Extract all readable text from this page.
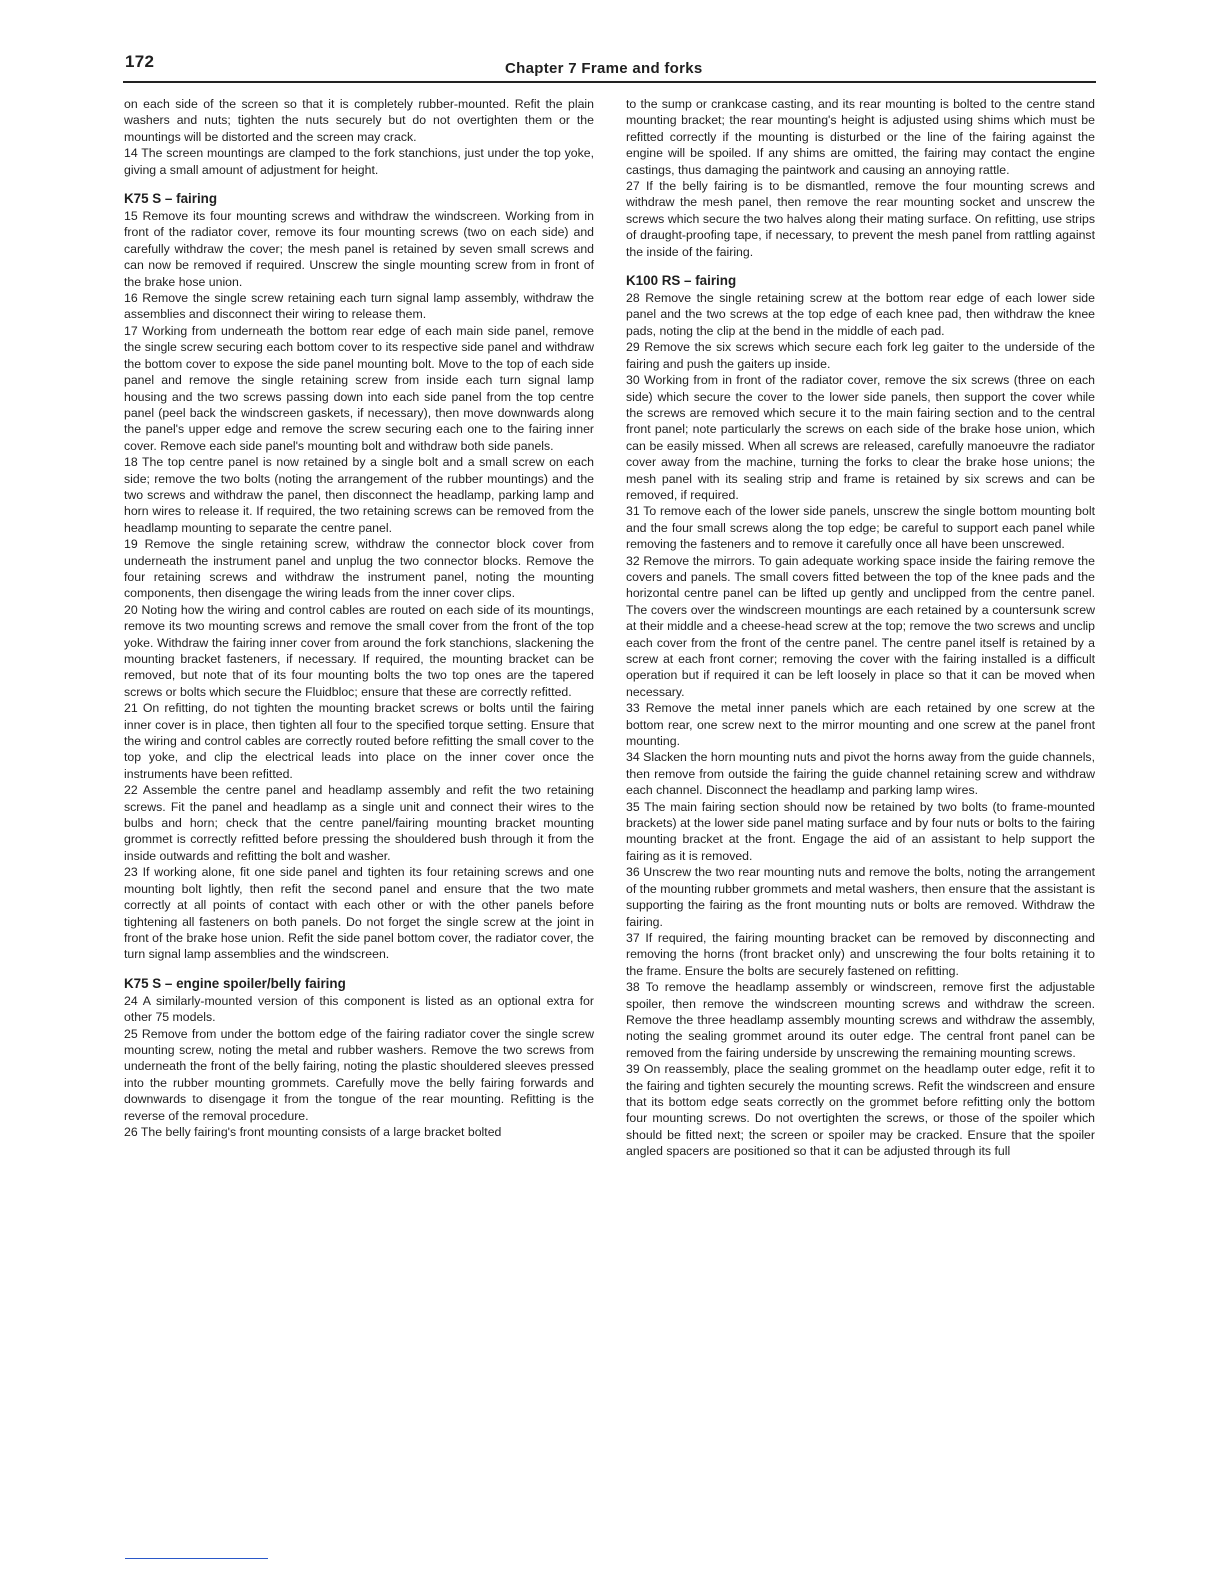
172	Chapter 7 Frame and forks

on each side of the screen so that it is completely rubber-mounted. Refit the plain washers and nuts; tighten the nuts securely but do not overtighten them or the mountings will be distorted and the screen may crack.

14 The screen mountings are clamped to the fork stanchions, just under the top yoke, giving a small amount of adjustment for height.

K75 S – fairing

15 Remove its four mounting screws and withdraw the windscreen. Working from in front of the radiator cover, remove its four mounting screws (two on each side) and carefully withdraw the cover; the mesh panel is retained by seven small screws and can now be removed if required. Unscrew the single mounting screw from in front of the brake hose union.

16 Remove the single screw retaining each turn signal lamp assembly, withdraw the assemblies and disconnect their wiring to release them.

17 Working from underneath the bottom rear edge of each main side panel, remove the single screw securing each bottom cover to its respective side panel and withdraw the bottom cover to expose the side panel mounting bolt. Move to the top of each side panel and remove the single retaining screw from inside each turn signal lamp housing and the two screws passing down into each side panel from the top centre panel (peel back the windscreen gaskets, if necessary), then move downwards along the panel's upper edge and remove the screw securing each one to the fairing inner cover. Remove each side panel's mounting bolt and withdraw both side panels.

18 The top centre panel is now retained by a single bolt and a small screw on each side; remove the two bolts (noting the arrangement of the rubber mountings) and the two screws and withdraw the panel, then disconnect the headlamp, parking lamp and horn wires to release it. If required, the two retaining screws can be removed from the headlamp mounting to separate the centre panel.

19 Remove the single retaining screw, withdraw the connector block cover from underneath the instrument panel and unplug the two connector blocks. Remove the four retaining screws and withdraw the instrument panel, noting the mounting components, then disengage the wiring leads from the inner cover clips.

20 Noting how the wiring and control cables are routed on each side of its mountings, remove its two mounting screws and remove the small cover from the front of the top yoke. Withdraw the fairing inner cover from around the fork stanchions, slackening the mounting bracket fasteners, if necessary. If required, the mounting bracket can be removed, but note that of its four mounting bolts the two top ones are the tapered screws or bolts which secure the Fluidbloc; ensure that these are correctly refitted.

21 On refitting, do not tighten the mounting bracket screws or bolts until the fairing inner cover is in place, then tighten all four to the specified torque setting. Ensure that the wiring and control cables are correctly routed before refitting the small cover to the top yoke, and clip the electrical leads into place on the inner cover once the instruments have been refitted.

22 Assemble the centre panel and headlamp assembly and refit the two retaining screws. Fit the panel and headlamp as a single unit and connect their wires to the bulbs and horn; check that the centre panel/fairing mounting bracket mounting grommet is correctly refitted before pressing the shouldered bush through it from the inside outwards and refitting the bolt and washer.

23 If working alone, fit one side panel and tighten its four retaining screws and one mounting bolt lightly, then refit the second panel and ensure that the two mate correctly at all points of contact with each other or with the other panels before tightening all fasteners on both panels. Do not forget the single screw at the joint in front of the brake hose union. Refit the side panel bottom cover, the radiator cover, the turn signal lamp assemblies and the windscreen.

K75 S – engine spoiler/belly fairing

24 A similarly-mounted version of this component is listed as an optional extra for other 75 models.

25 Remove from under the bottom edge of the fairing radiator cover the single screw mounting screw, noting the metal and rubber washers. Remove the two screws from underneath the front of the belly fairing, noting the plastic shouldered sleeves pressed into the rubber mounting grommets. Carefully move the belly fairing forwards and downwards to disengage it from the tongue of the rear mounting. Refitting is the reverse of the removal procedure.

26 The belly fairing's front mounting consists of a large bracket bolted

to the sump or crankcase casting, and its rear mounting is bolted to the centre stand mounting bracket; the rear mounting's height is adjusted using shims which must be refitted correctly if the mounting is disturbed or the line of the fairing against the engine will be spoiled. If any shims are omitted, the fairing may contact the engine castings, thus damaging the paintwork and causing an annoying rattle.

27 If the belly fairing is to be dismantled, remove the four mounting screws and withdraw the mesh panel, then remove the rear mounting socket and unscrew the screws which secure the two halves along their mating surface. On refitting, use strips of draught-proofing tape, if necessary, to prevent the mesh panel from rattling against the inside of the fairing.

K100 RS – fairing

28 Remove the single retaining screw at the bottom rear edge of each lower side panel and the two screws at the top edge of each knee pad, then withdraw the knee pads, noting the clip at the bend in the middle of each pad.

29 Remove the six screws which secure each fork leg gaiter to the underside of the fairing and push the gaiters up inside.

30 Working from in front of the radiator cover, remove the six screws (three on each side) which secure the cover to the lower side panels, then support the cover while the screws are removed which secure it to the main fairing section and to the central front panel; note particularly the screws on each side of the brake hose union, which can be easily missed. When all screws are released, carefully manoeuvre the radiator cover away from the machine, turning the forks to clear the brake hose unions; the mesh panel with its sealing strip and frame is retained by six screws and can be removed, if required.

31 To remove each of the lower side panels, unscrew the single bottom mounting bolt and the four small screws along the top edge; be careful to support each panel while removing the fasteners and to remove it carefully once all have been unscrewed.

32 Remove the mirrors. To gain adequate working space inside the fairing remove the covers and panels. The small covers fitted between the top of the knee pads and the horizontal centre panel can be lifted up gently and unclipped from the centre panel. The covers over the windscreen mountings are each retained by a countersunk screw at their middle and a cheese-head screw at the top; remove the two screws and unclip each cover from the front of the centre panel. The centre panel itself is retained by a screw at each front corner; removing the cover with the fairing installed is a difficult operation but if required it can be left loosely in place so that it can be moved when necessary.

33 Remove the metal inner panels which are each retained by one screw at the bottom rear, one screw next to the mirror mounting and one screw at the panel front mounting.

34 Slacken the horn mounting nuts and pivot the horns away from the guide channels, then remove from outside the fairing the guide channel retaining screw and withdraw each channel. Disconnect the headlamp and parking lamp wires.

35 The main fairing section should now be retained by two bolts (to frame-mounted brackets) at the lower side panel mating surface and by four nuts or bolts to the fairing mounting bracket at the front. Engage the aid of an assistant to help support the fairing as it is removed.

36 Unscrew the two rear mounting nuts and remove the bolts, noting the arrangement of the mounting rubber grommets and metal washers, then ensure that the assistant is supporting the fairing as the front mounting nuts or bolts are removed. Withdraw the fairing.

37 If required, the fairing mounting bracket can be removed by disconnecting and removing the horns (front bracket only) and unscrewing the four bolts retaining it to the frame. Ensure the bolts are securely fastened on refitting.

38 To remove the headlamp assembly or windscreen, remove first the adjustable spoiler, then remove the windscreen mounting screws and withdraw the screen. Remove the three headlamp assembly mounting screws and withdraw the assembly, noting the sealing grommet around its outer edge. The central front panel can be removed from the fairing underside by unscrewing the remaining mounting screws.

39 On reassembly, place the sealing grommet on the headlamp outer edge, refit it to the fairing and tighten securely the mounting screws. Refit the windscreen and ensure that its bottom edge seats correctly on the grommet before refitting only the bottom four mounting screws. Do not overtighten the screws, or those of the spoiler which should be fitted next; the screen or spoiler may be cracked. Ensure that the spoiler angled spacers are positioned so that it can be adjusted through its full
